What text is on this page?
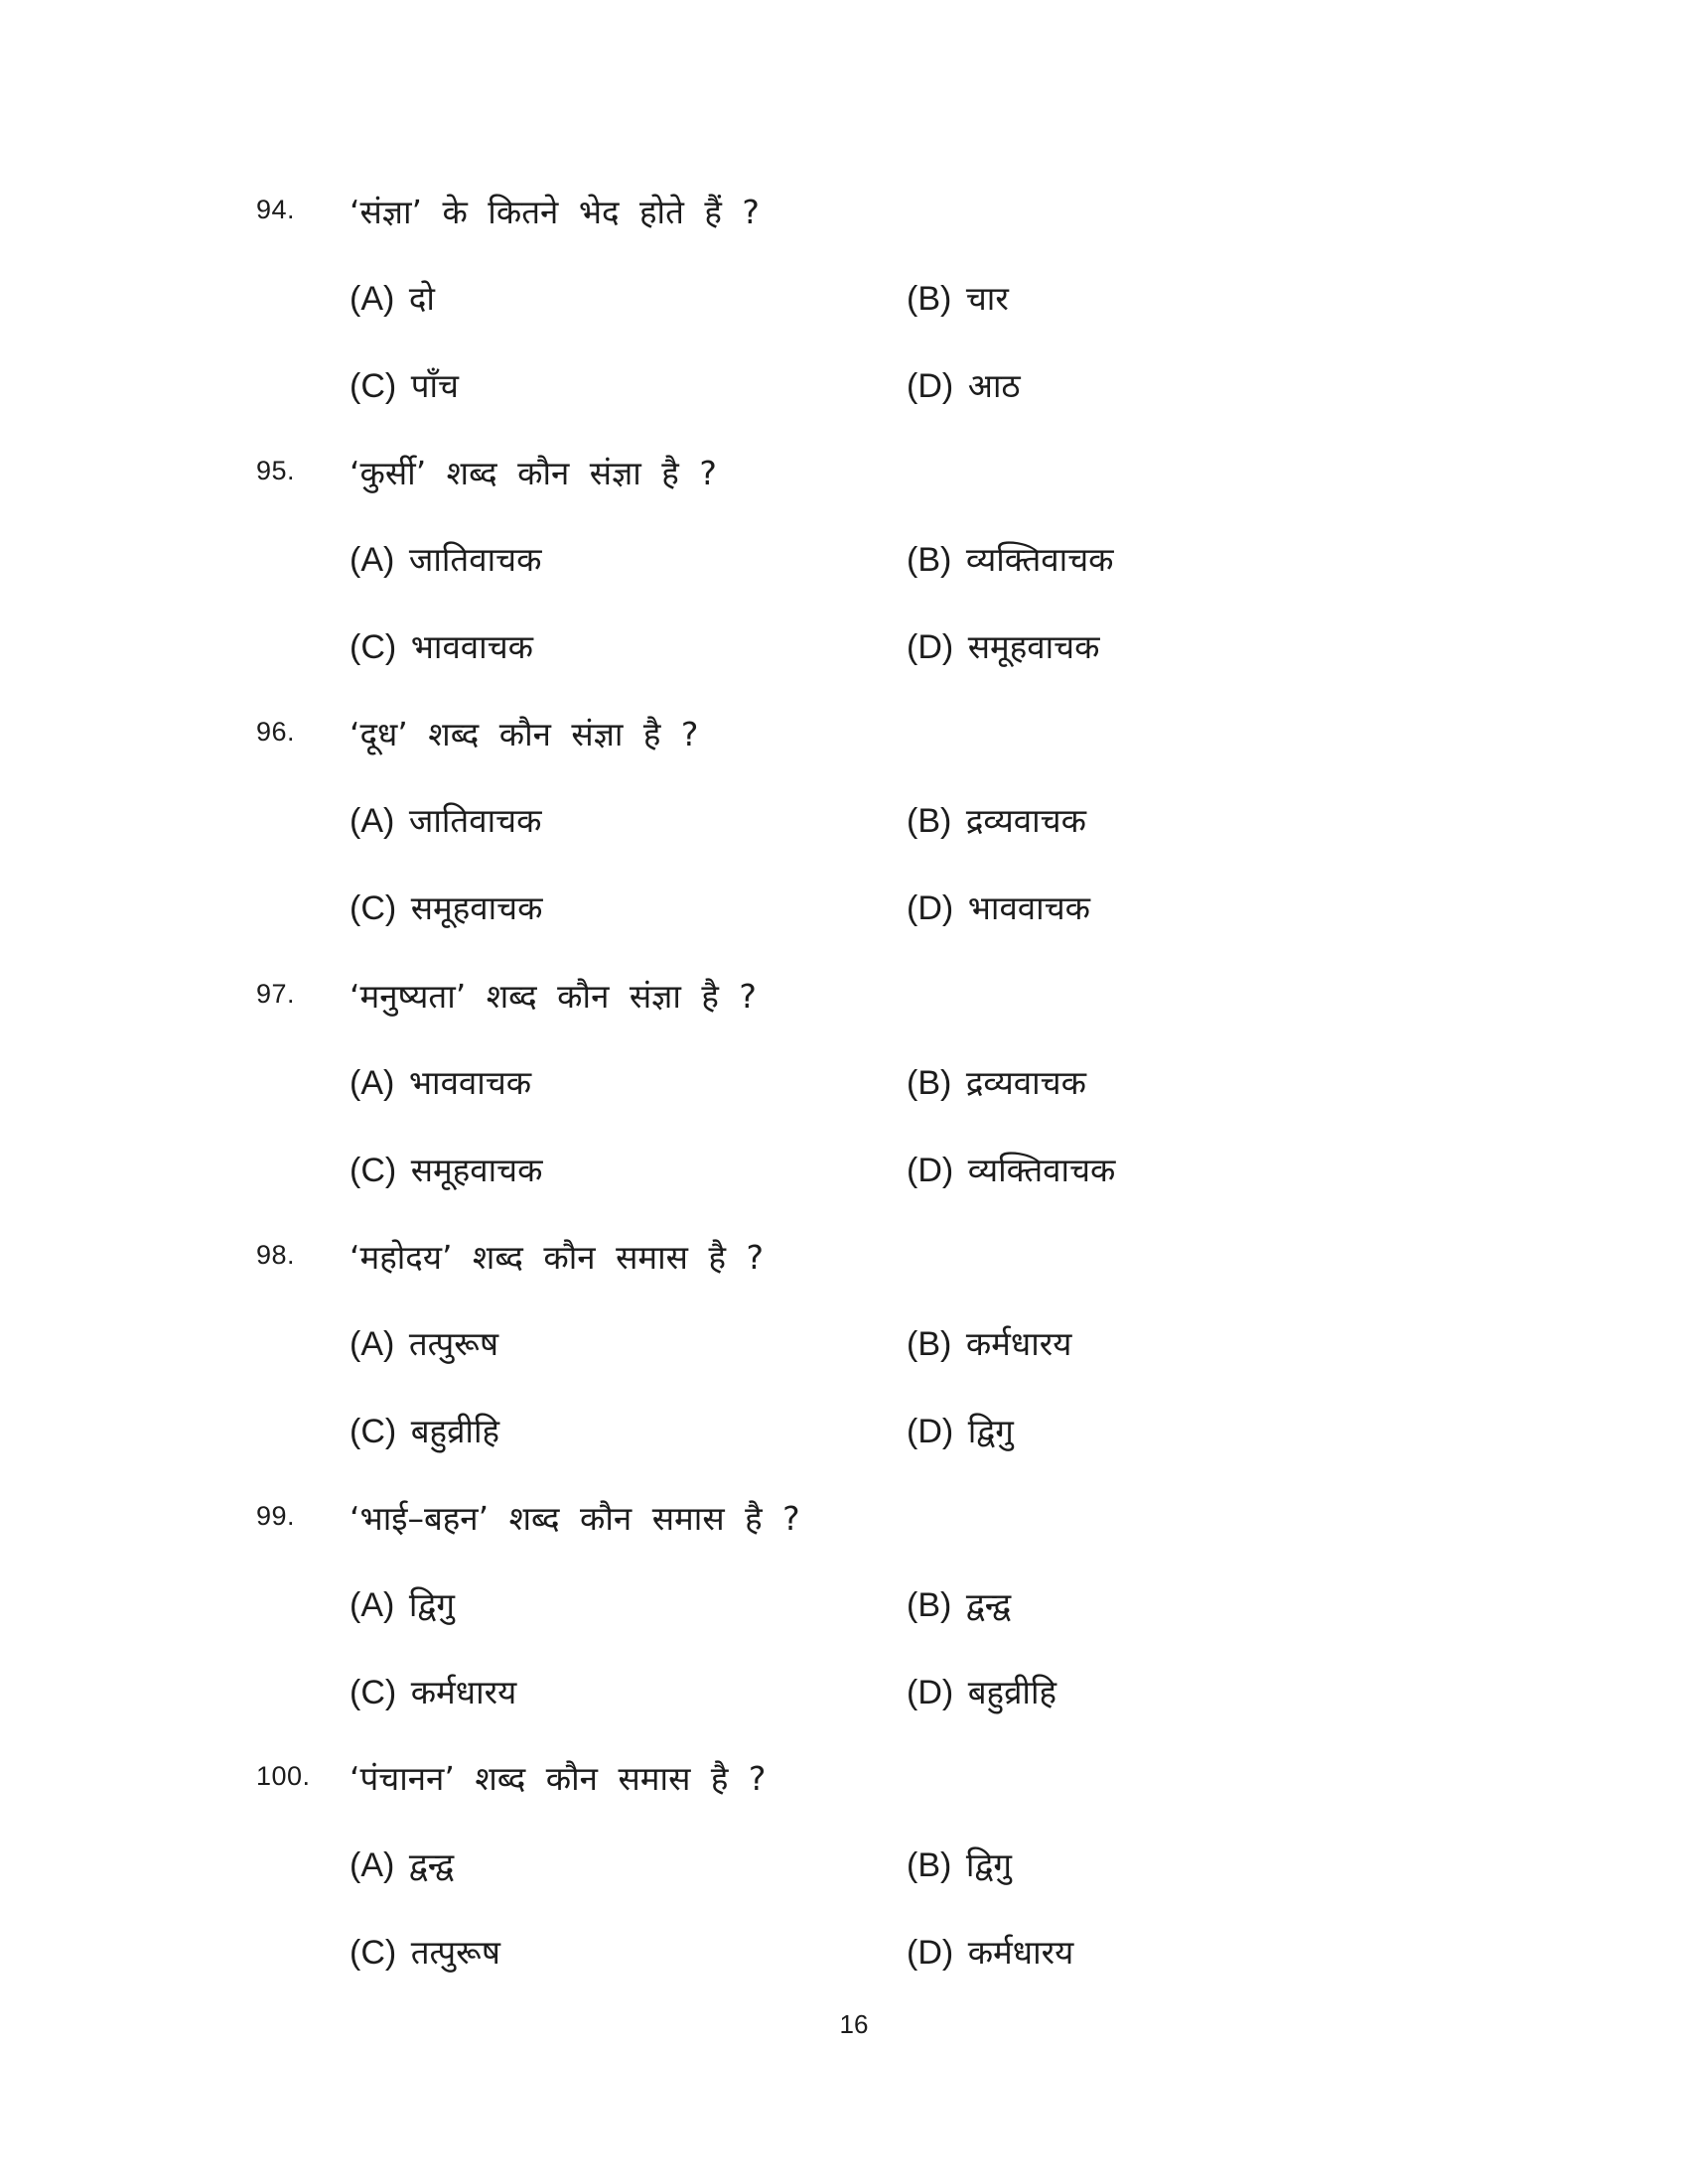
94. ‘संज्ञा’ के कितने भेद होते हैं ?
(A) दो	(B) चार
(C) पाँच	(D) आठ
95. ‘कुर्सी’ शब्द कौन संज्ञा है ?
(A) जातिवाचक	(B) व्यक्तिवाचक
(C) भाववाचक	(D) समूहवाचक
96. ‘दूध’ शब्द कौन संज्ञा है ?
(A) जातिवाचक	(B) द्रव्यवाचक
(C) समूहवाचक	(D) भाववाचक
97. ‘मनुष्यता’ शब्द कौन संज्ञा है ?
(A) भाववाचक	(B) द्रव्यवाचक
(C) समूहवाचक	(D) व्यक्तिवाचक
98. ‘महोदय’ शब्द कौन समास है ?
(A) तत्पुरूष	(B) कर्मधारय
(C) बहुव्रीहि	(D) द्विगु
99. ‘भाई–बहन’ शब्द कौन समास है ?
(A) द्विगु	(B) द्वन्द्व
(C) कर्मधारय	(D) बहुव्रीहि
100. ‘पंचानन’ शब्द कौन समास है ?
(A) द्वन्द्व	(B) द्विगु
(C) तत्पुरूष	(D) कर्मधारय
16
